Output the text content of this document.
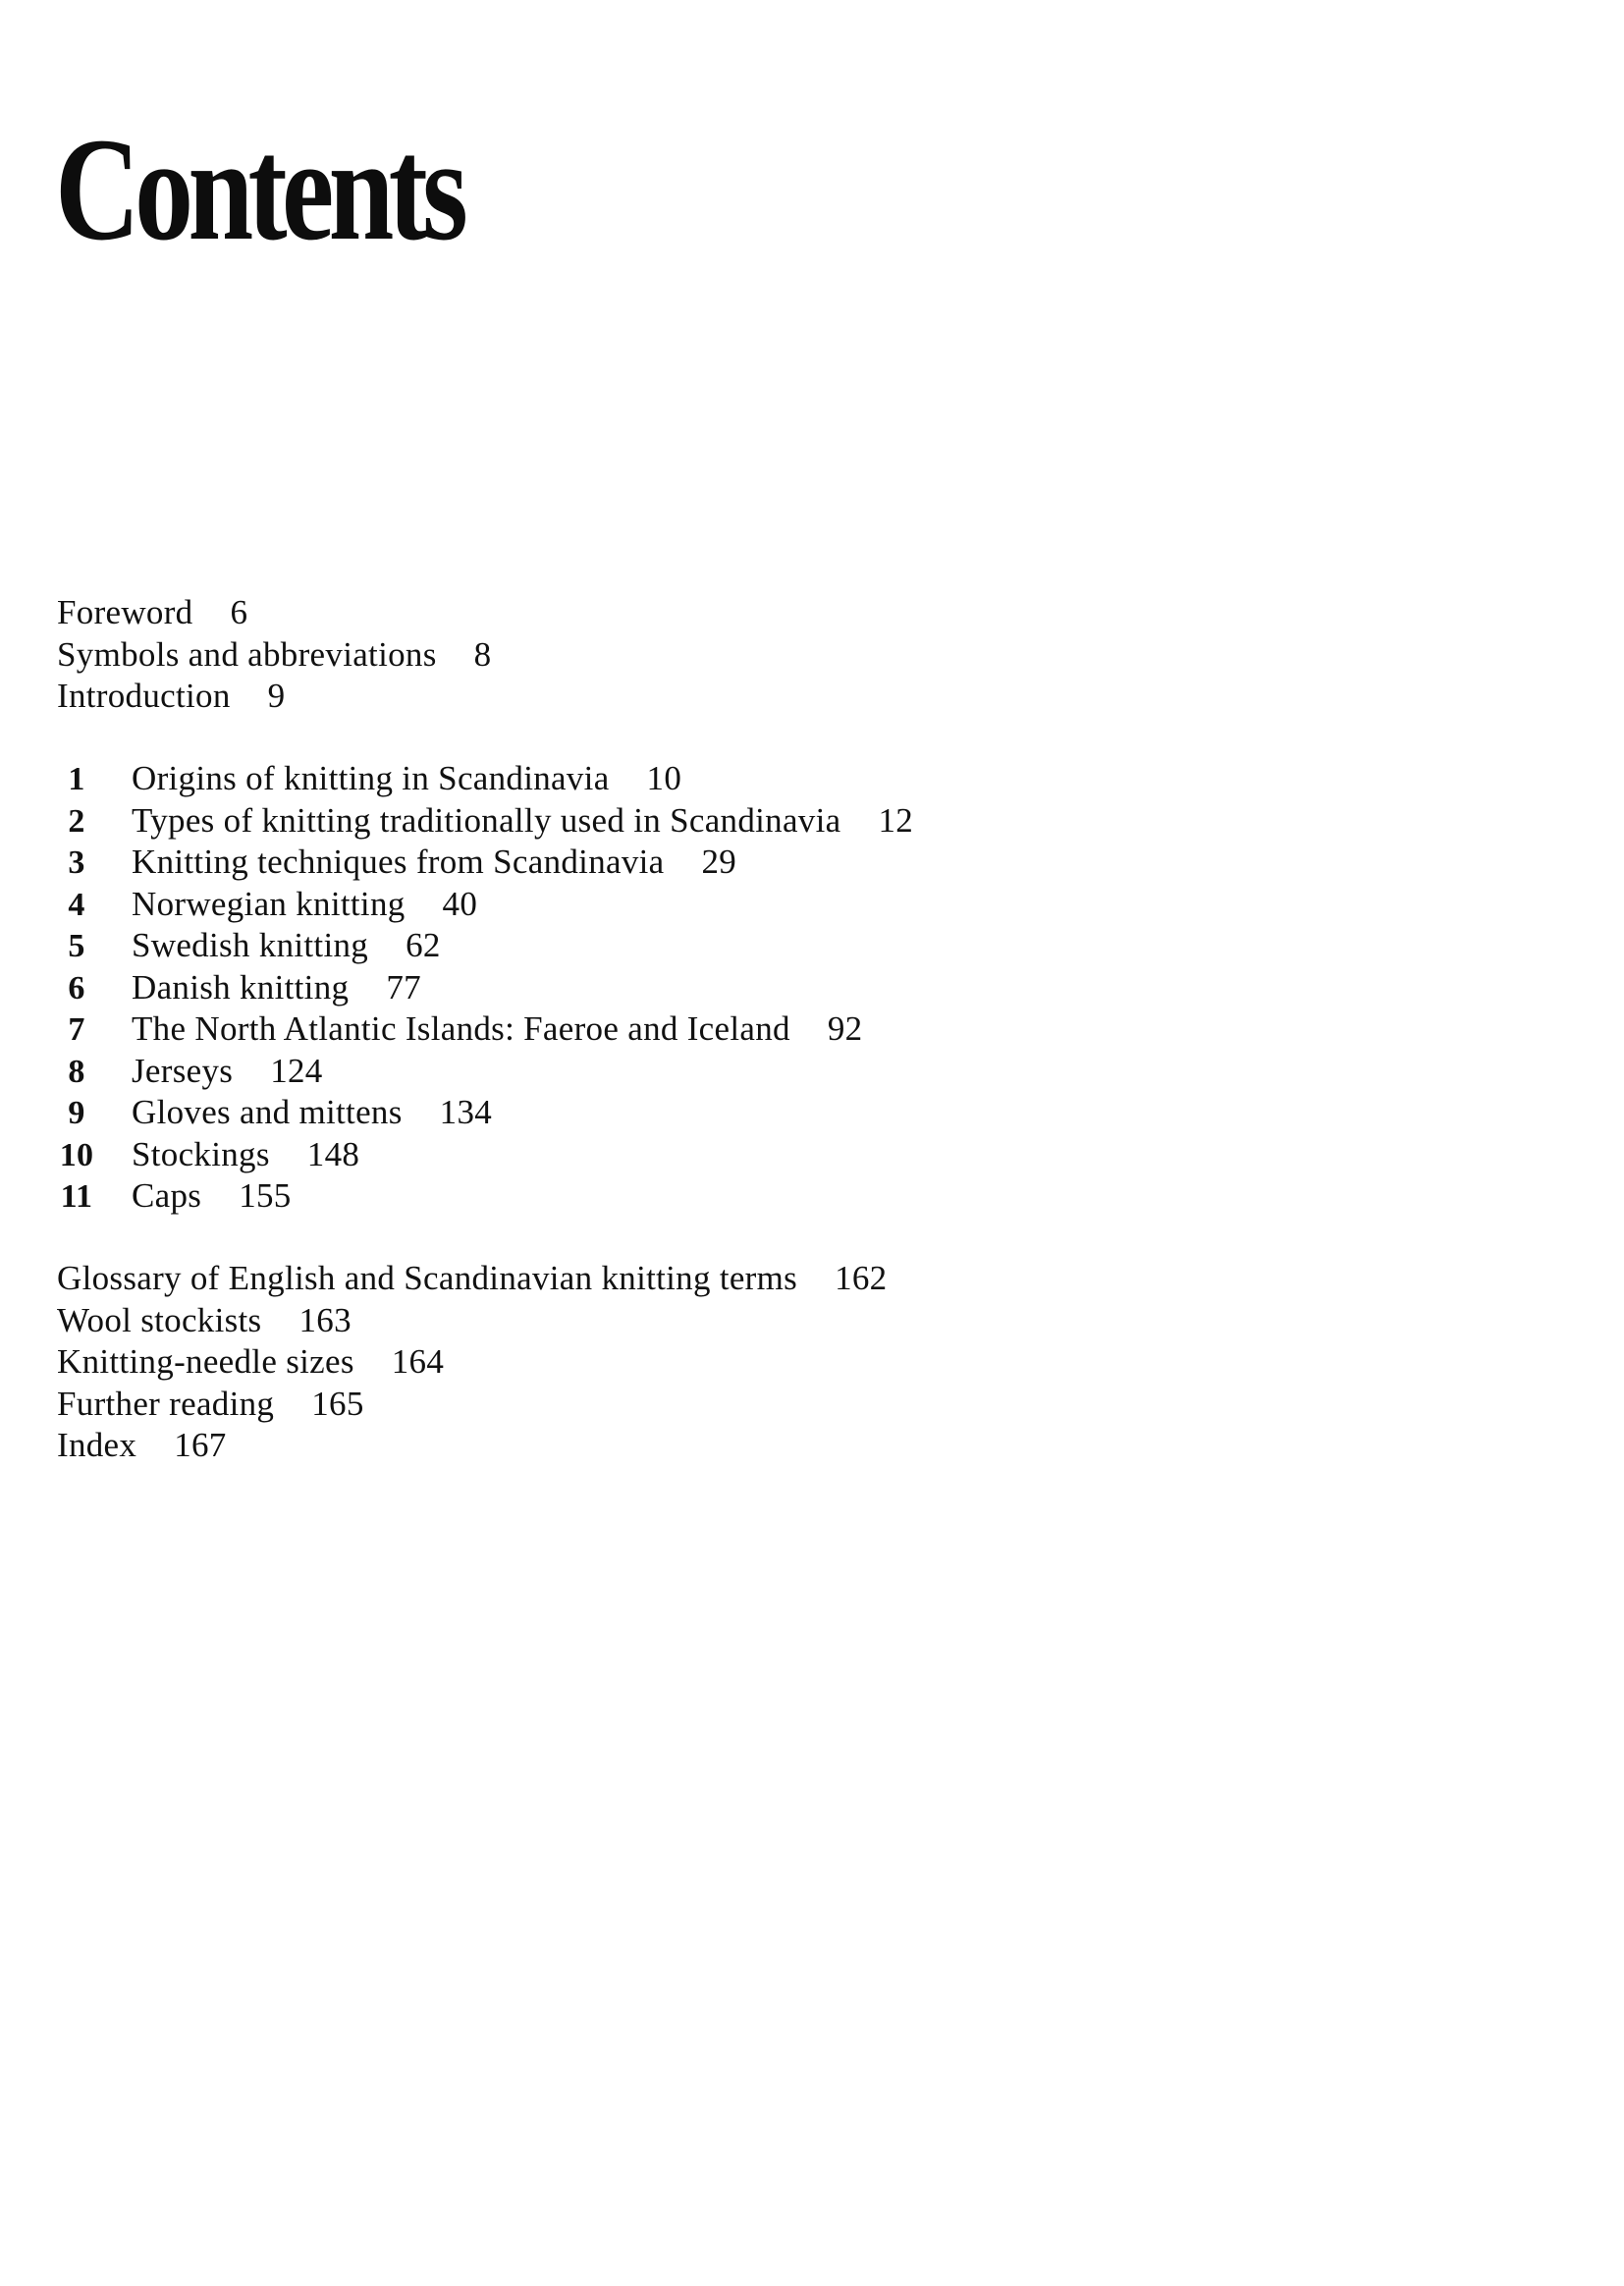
Contents
Foreword 6
Symbols and abbreviations 8
Introduction 9
1	Origins of knitting in Scandinavia 10
2	Types of knitting traditionally used in Scandinavia 12
3	Knitting techniques from Scandinavia 29
4	Norwegian knitting 40
5	Swedish knitting 62
6	Danish knitting 77
7	The North Atlantic Islands: Faeroe and Iceland 92
8	Jerseys 124
9	Gloves and mittens 134
10 Stockings 148
11 Caps 155
Glossary of English and Scandinavian knitting terms 162
Wool stockists 163
Knitting-needle sizes 164
Further reading 165
Index 167
